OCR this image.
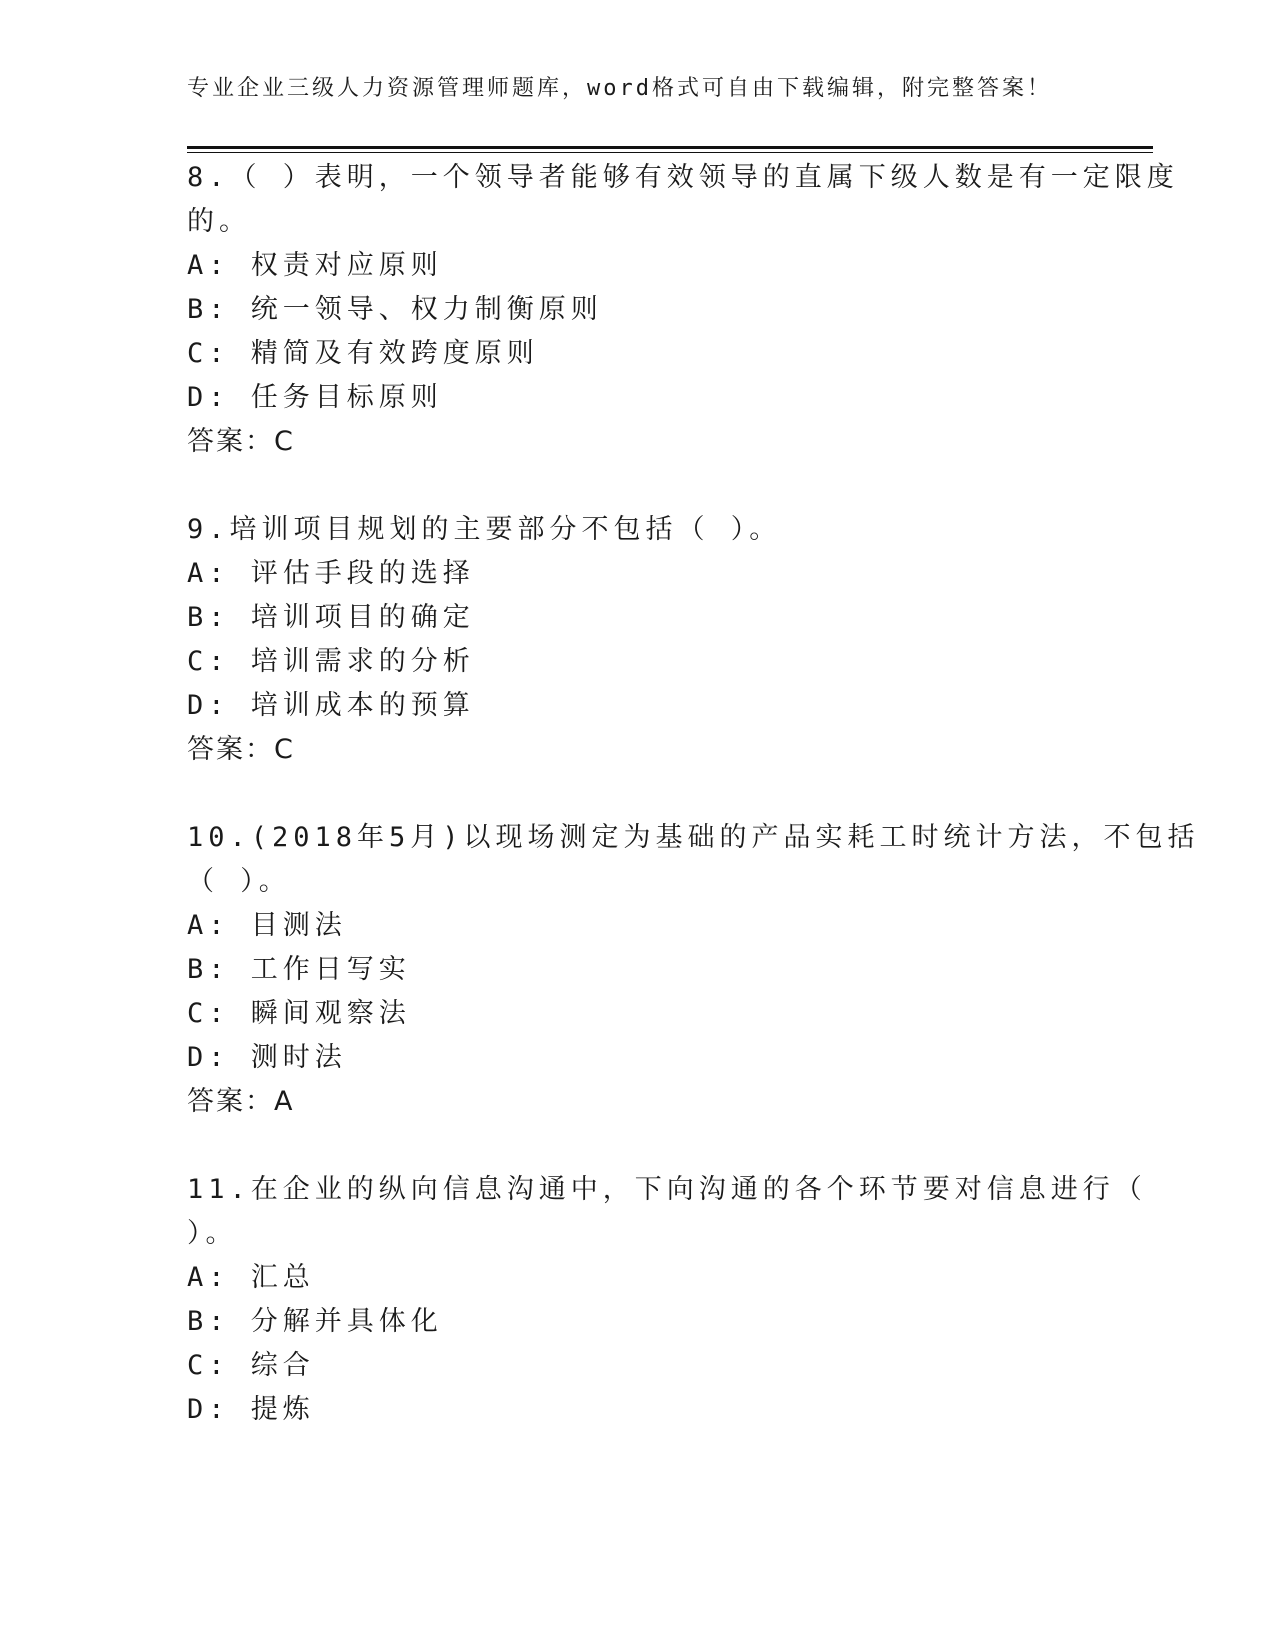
专业企业三级人力资源管理师题库，word格式可自由下载编辑，附完整答案！
8.（ ）表明，一个领导者能够有效领导的直属下级人数是有一定限度
的。
A: 权责对应原则
B: 统一领导、权力制衡原则
C: 精简及有效跨度原则
D: 任务目标原则
答案：C
9.培训项目规划的主要部分不包括（ ）。
A: 评估手段的选择
B: 培训项目的确定
C: 培训需求的分析
D: 培训成本的预算
答案：C
10.(2018年5月)以现场测定为基础的产品实耗工时统计方法，不包括
（ ）。
A: 目测法
B: 工作日写实
C: 瞬间观察法
D: 测时法
答案：A
11.在企业的纵向信息沟通中，下向沟通的各个环节要对信息进行（
）。
A: 汇总
B: 分解并具体化
C: 综合
D: 提炼
